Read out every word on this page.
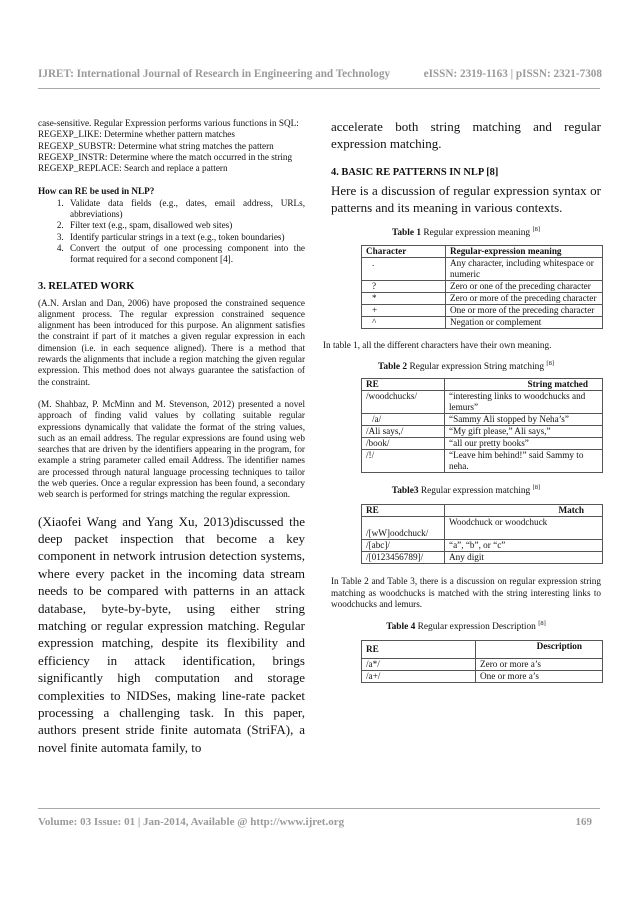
IJRET: International Journal of Research in Engineering and Technology	eISSN: 2319-1163 | pISSN: 2321-7308

case-sensitive. Regular Expression performs various functions in SQL:

REGEXP_LIKE: Determine whether pattern matches

REGEXP_SUBSTR: Determine what string matches the pattern

REGEXP_INSTR: Determine where the match occurred in the string

REGEXP_REPLACE: Search and replace a pattern

How can RE be used in NLP?

1. Validate data fields (e.g., dates, email address, URLs, abbreviations)
2. Filter text (e.g., spam, disallowed web sites)
3. Identify particular strings in a text (e.g., token boundaries)
4. Convert the output of one processing component into the format required for a second component [4].

3. RELATED WORK

(A.N. Arslan and Dan, 2006) have proposed the constrained sequence alignment process. The regular expression constrained sequence alignment has been introduced for this purpose. An alignment satisfies the constraint if part of it matches a given regular expression in each dimension (i.e. in each sequence aligned). There is a method that rewards the alignments that include a region matching the given regular expression. This method does not always guarantee the satisfaction of the constraint.

(M. Shahbaz, P. McMinn and M. Stevenson, 2012) presented a novel approach of finding valid values by collating suitable regular expressions dynamically that validate the format of the string values, such as an email address. The regular expressions are found using web searches that are driven by the identifiers appearing in the program, for example a string parameter called email Address. The identifier names are processed through natural language processing techniques to tailor the web queries. Once a regular expression has been found, a secondary web search is performed for strings matching the regular expression.

(Xiaofei Wang and Yang Xu, 2013)discussed the deep packet inspection that become a key component in network intrusion detection systems, where every packet in the incoming data stream needs to be compared with patterns in an attack database, byte-by-byte, using either string matching or regular expression matching. Regular expression matching, despite its flexibility and efficiency in attack identification, brings significantly high computation and storage complexities to NIDSes, making line-rate packet processing a challenging task. In this paper, authors present stride finite automata (StriFA), a novel finite automata family, to

accelerate both string matching and regular expression matching.

4. BASIC RE PATTERNS IN NLP [8]

Here is a discussion of regular expression syntax or patterns and its meaning in various contexts.

Table 1 Regular expression meaning [8]

Character	Regular-expression meaning
.	Any character, including whitespace or numeric
?	Zero or one of the preceding character
*	Zero or more of the preceding character
+	One or more of the preceding character
^	Negation or complement

In table 1, all the different characters have their own meaning.

Table 2 Regular expression String matching [8]

RE	String matched
/woodchucks/	“interesting links to woodchucks and lemurs”
/a/	“Sammy Ali stopped by Neha’s”
/Ali says,/	“My gift please,” Ali says,”
/book/	“all our pretty books”
/!/	“Leave him behind!” said Sammy to neha.

Table3 Regular expression matching [8]

RE	Match
/[wW]oodchuck/	Woodchuck or woodchuck
/[abc]/	“a”, “b”, or “c”
/[0123456789]/	Any digit

In Table 2 and Table 3, there is a discussion on regular expression string matching as woodchucks is matched with the string interesting links to woodchucks and lemurs.

Table 4 Regular expression Description [8]

RE	Description
/a*/	Zero or more a’s
/a+/	One or more a’s
Volume: 03 Issue: 01 | Jan-2014, Available @ http://www.ijret.org	169
